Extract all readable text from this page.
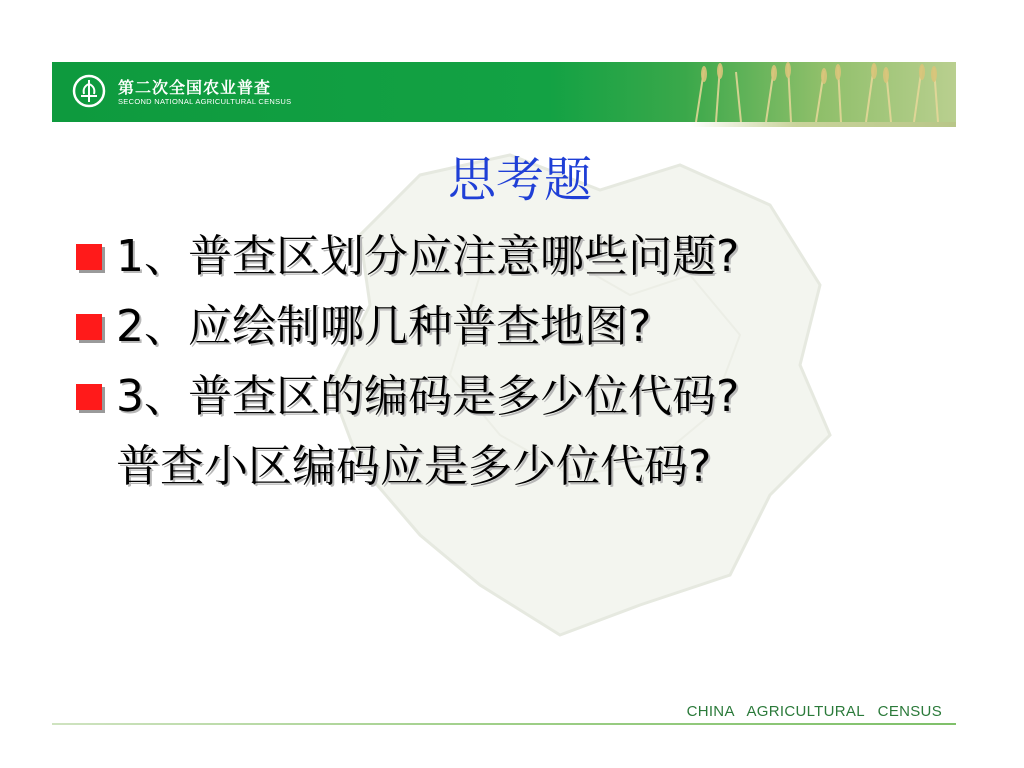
第二次全国农业普查
SECOND NATIONAL AGRICULTURAL CENSUS
思考题
1、普查区划分应注意哪些问题?
2、应绘制哪几种普查地图?
3、普查区的编码是多少位代码?
普查小区编码应是多少位代码?
CHINA   AGRICULTURAL   CENSUS
